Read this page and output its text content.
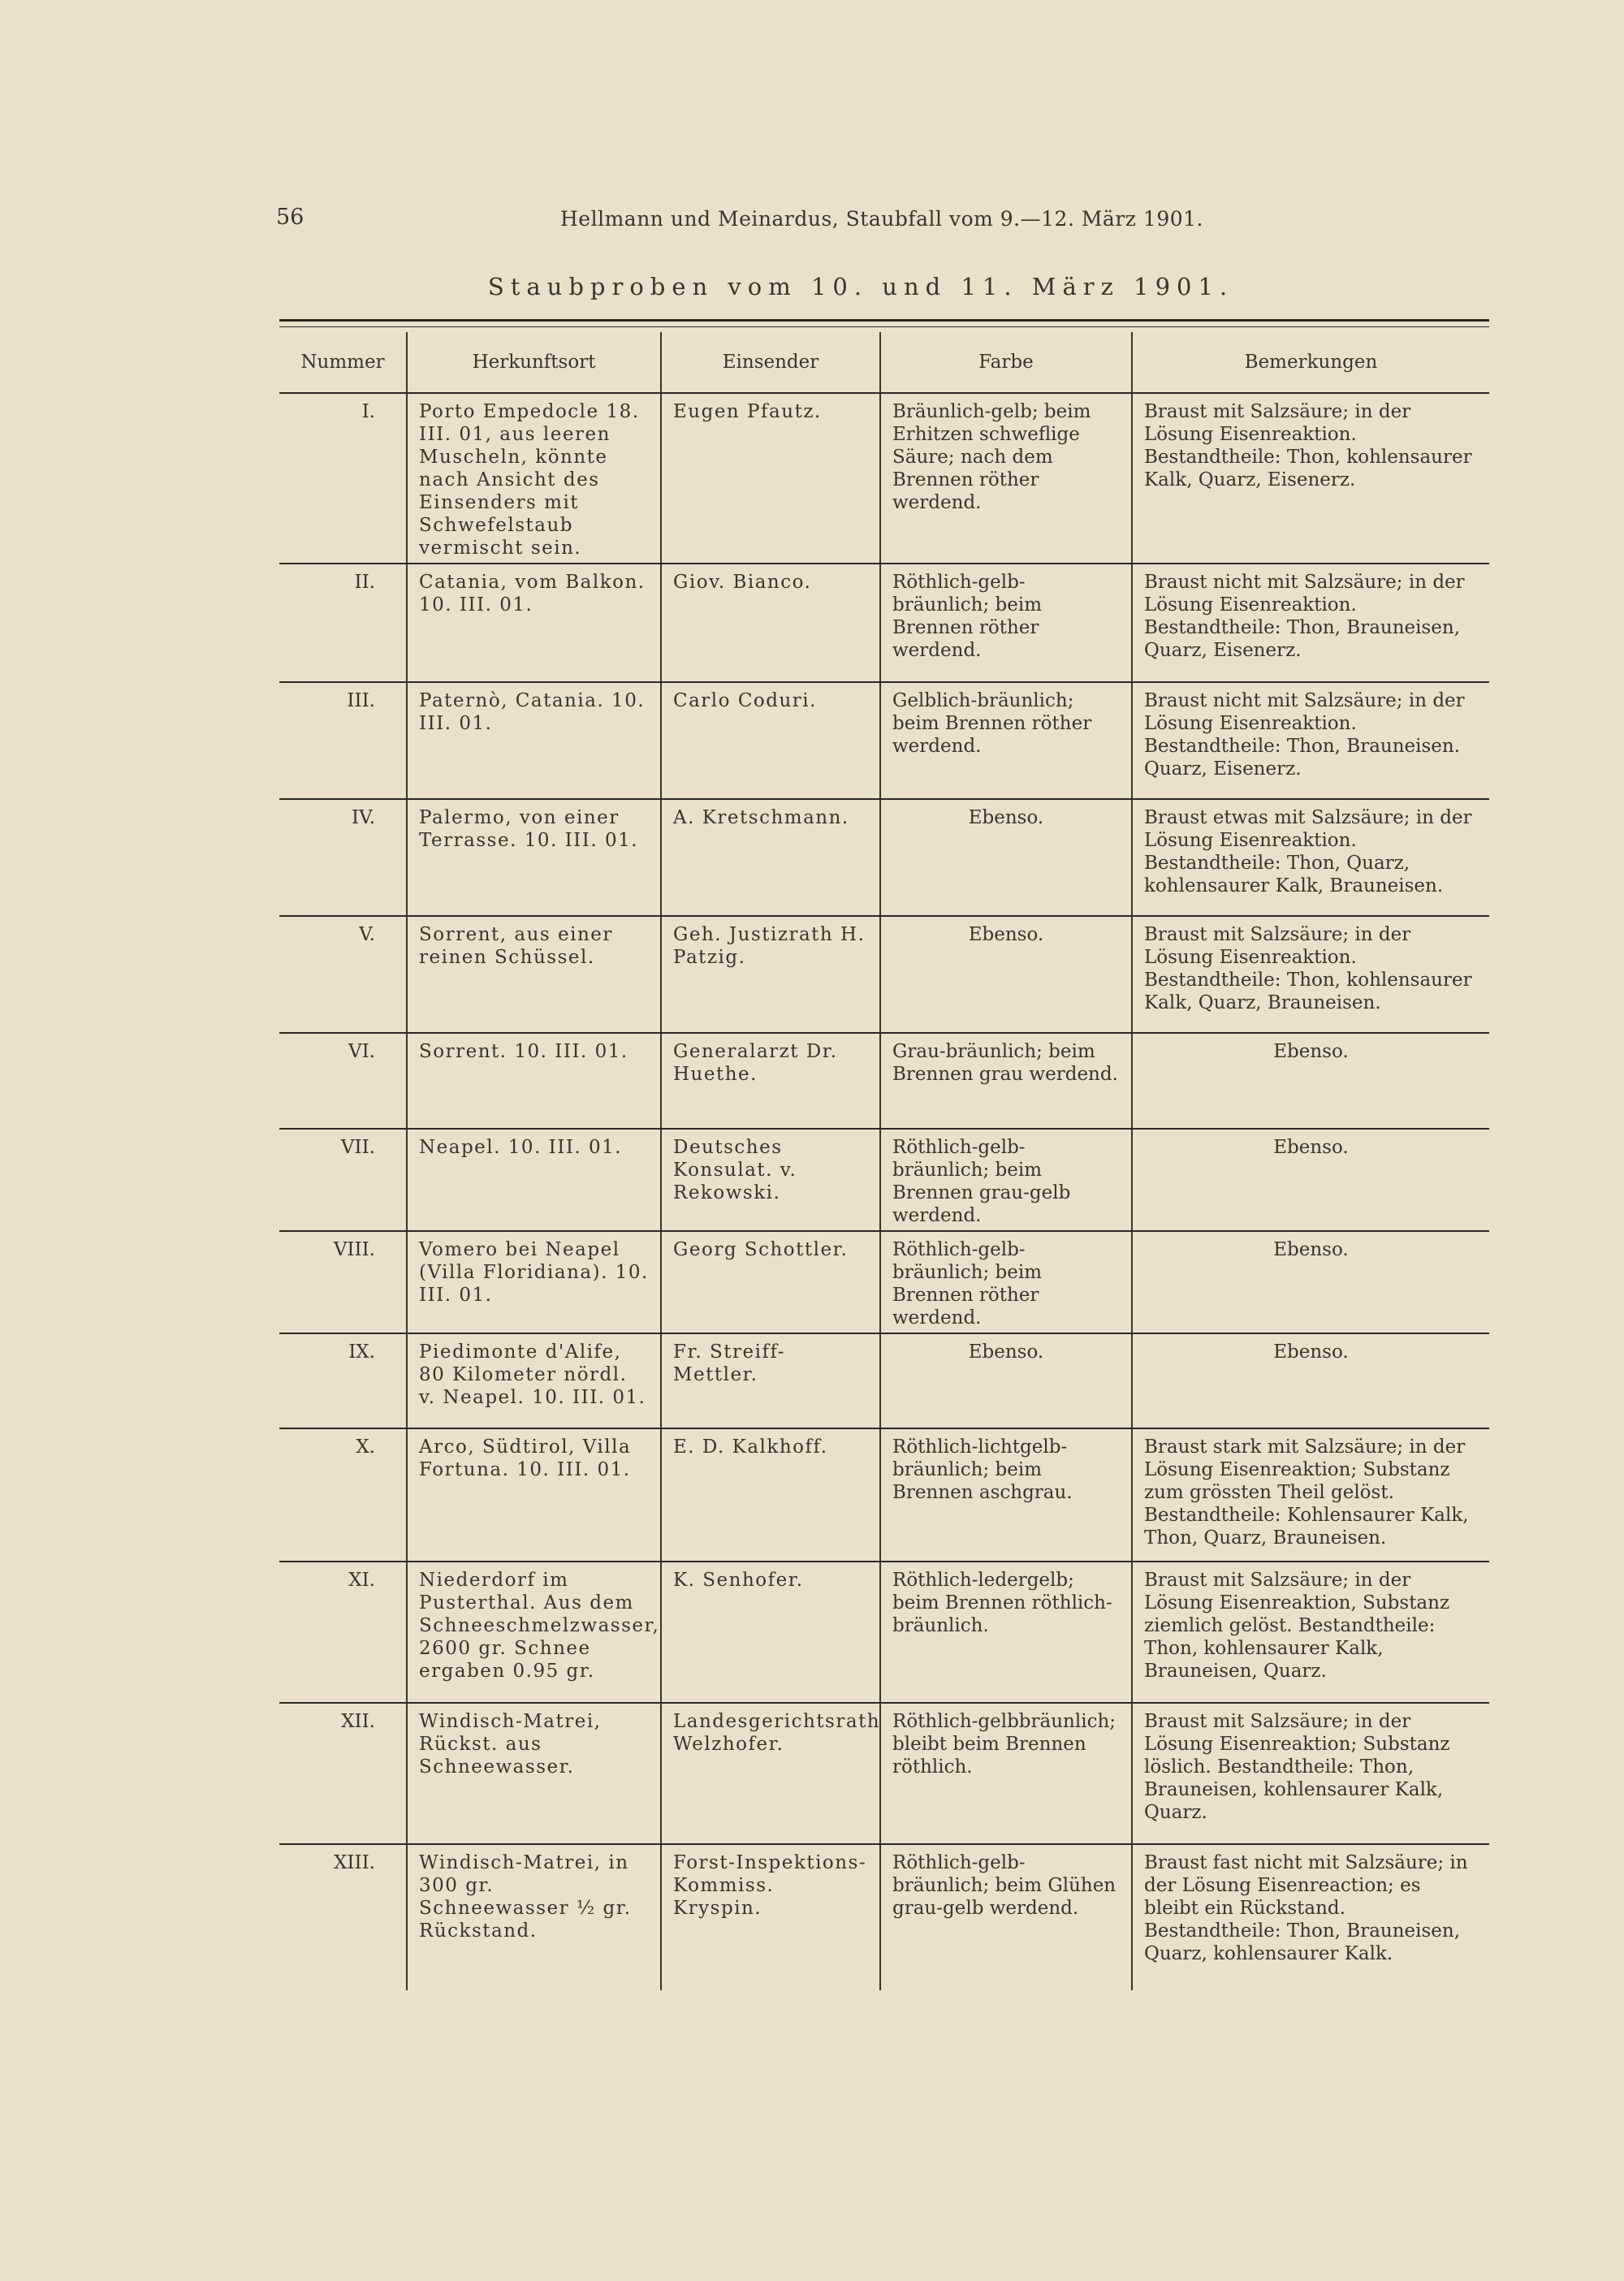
56	Hellmann und Meinardus, Staubfall vom 9.—12. März 1901.
Staubproben vom 10. und 11. März 1901.
Nummer	Herkunftsort	Einsender	Farbe	Bemerkungen
I.	Porto Empedocle 18. III. 01, aus leeren Muscheln, könnte nach Ansicht des Einsenders mit Schwefelstaub vermischt sein.	Eugen Pfautz.	Bräunlich-gelb; beim Erhitzen schweflige Säure; nach dem Brennen röther werdend.	Braust mit Salzsäure; in der Lösung Eisenreaktion. Bestandtheile: Thon, kohlensaurer Kalk, Quarz, Eisenerz.
II.	Catania, vom Balkon. 10. III. 01.	Giov. Bianco.	Röthlich-gelb-bräunlich; beim Brennen röther werdend.	Braust nicht mit Salzsäure; in der Lösung Eisenreaktion. Bestandtheile: Thon, Brauneisen, Quarz, Eisenerz.
III.	Paternò, Catania. 10. III. 01.	Carlo Coduri.	Gelblich-bräunlich; beim Brennen röther werdend.	Braust nicht mit Salzsäure; in der Lösung Eisenreaktion. Bestandtheile: Thon, Brauneisen. Quarz, Eisenerz.
IV.	Palermo, von einer Terrasse. 10. III. 01.	A. Kretschmann.	Ebenso.	Braust etwas mit Salzsäure; in der Lösung Eisenreaktion. Bestandtheile: Thon, Quarz, kohlensaurer Kalk, Brauneisen.
V.	Sorrent, aus einer reinen Schüssel.	Geh. Justizrath H. Patzig.	Ebenso.	Braust mit Salzsäure; in der Lösung Eisenreaktion. Bestandtheile: Thon, kohlensaurer Kalk, Quarz, Brauneisen.
VI.	Sorrent. 10. III. 01.	Generalarzt Dr. Huethe.	Grau-bräunlich; beim Brennen grau werdend.	Ebenso.
VII.	Neapel. 10. III. 01.	Deutsches Konsulat. v. Rekowski.	Röthlich-gelb-bräunlich; beim Brennen grau-gelb werdend.	Ebenso.
VIII.	Vomero bei Neapel (Villa Floridiana). 10. III. 01.	Georg Schottler.	Röthlich-gelb-bräunlich; beim Brennen röther werdend.	Ebenso.
IX.	Piedimonte d'Alife, 80 Kilometer nördl. v. Neapel. 10. III. 01.	Fr. Streiff-Mettler.	Ebenso.	Ebenso.
X.	Arco, Südtirol, Villa Fortuna. 10. III. 01.	E. D. Kalkhoff.	Röthlich-lichtgelb-bräunlich; beim Brennen aschgrau.	Braust stark mit Salzsäure; in der Lösung Eisenreaktion; Substanz zum grössten Theil gelöst. Bestandtheile: Kohlensaurer Kalk, Thon, Quarz, Brauneisen.
XI.	Niederdorf im Pusterthal. Aus dem Schneeschmelzwasser, 2600 gr. Schnee ergaben 0.95 gr.	K. Senhofer.	Röthlich-ledergelb; beim Brennen röthlich-bräunlich.	Braust mit Salzsäure; in der Lösung Eisenreaktion, Substanz ziemlich gelöst. Bestandtheile: Thon, kohlensaurer Kalk, Brauneisen, Quarz.
XII.	Windisch-Matrei, Rückst. aus Schneewasser.	Landesgerichtsrath Welzhofer.	Röthlich-gelbbräunlich; bleibt beim Brennen röthlich.	Braust mit Salzsäure; in der Lösung Eisenreaktion; Substanz löslich. Bestandtheile: Thon, Brauneisen, kohlensaurer Kalk, Quarz.
XIII.	Windisch-Matrei, in 300 gr. Schneewasser ½ gr. Rückstand.	Forst-Inspektions-Kommiss. Kryspin.	Röthlich-gelb-bräunlich; beim Glühen grau-gelb werdend.	Braust fast nicht mit Salzsäure; in der Lösung Eisenreaction; es bleibt ein Rückstand. Bestandtheile: Thon, Brauneisen, Quarz, kohlensaurer Kalk.
